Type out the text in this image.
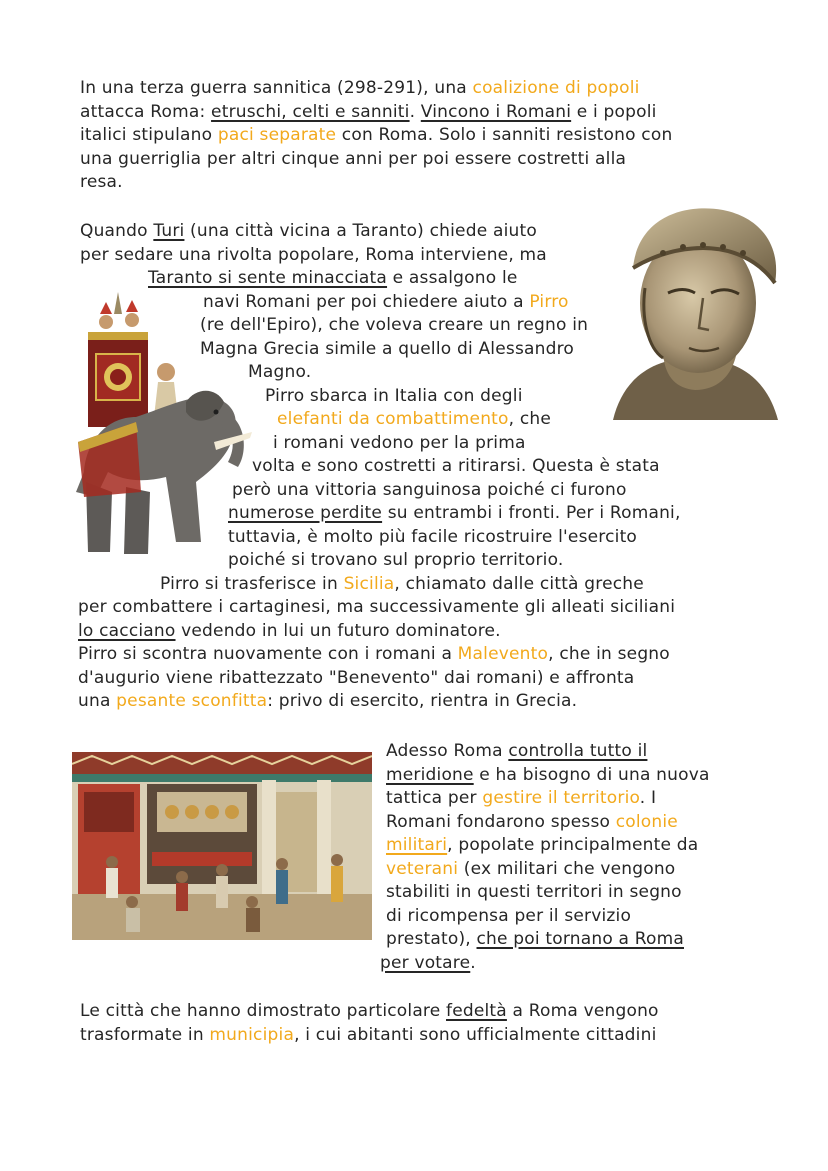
In una terza guerra sannitica (298-291), una coalizione di popoli
attacca Roma: etruschi, celti e sanniti. Vincono i Romani e i popoli
italici stipulano paci separate con Roma. Solo i sanniti resistono con
una guerriglia per altri cinque anni per poi essere costretti alla
resa.
Quando Turi (una città vicina a Taranto) chiede aiuto
per sedare una rivolta popolare, Roma interviene, ma
Taranto si sente minacciata e assalgono le
navi Romani per poi chiedere aiuto a Pirro
(re dell'Epiro), che voleva creare un regno in
Magna Grecia simile a quello di Alessandro
Magno.
Pirro sbarca in Italia con degli
elefanti da combattimento, che
i romani vedono per la prima
volta e sono costretti a ritirarsi. Questa è stata
però una vittoria sanguinosa poiché ci furono
numerose perdite su entrambi i fronti. Per i Romani,
tuttavia, è molto più facile ricostruire l'esercito
poiché si trovano sul proprio territorio.
Pirro si trasferisce in Sicilia, chiamato dalle città greche
per combattere i cartaginesi, ma successivamente gli alleati siciliani
lo cacciano vedendo in lui un futuro dominatore.
Pirro si scontra nuovamente con i romani a Malevento, che in segno
d'augurio viene ribattezzato "Benevento" dai romani) e affronta
una pesante sconfitta: privo di esercito, rientra in Grecia.
Adesso Roma controlla tutto il
meridione e ha bisogno di una nuova
tattica per gestire il territorio. I
Romani fondarono spesso colonie
militari, popolate principalmente da
veterani (ex militari che vengono
stabiliti in questi territori in segno
di ricompensa per il servizio
prestato), che poi tornano a Roma
per votare.
Le città che hanno dimostrato particolare fedeltà a Roma vengono
trasformate in municipia, i cui abitanti sono ufficialmente cittadini
